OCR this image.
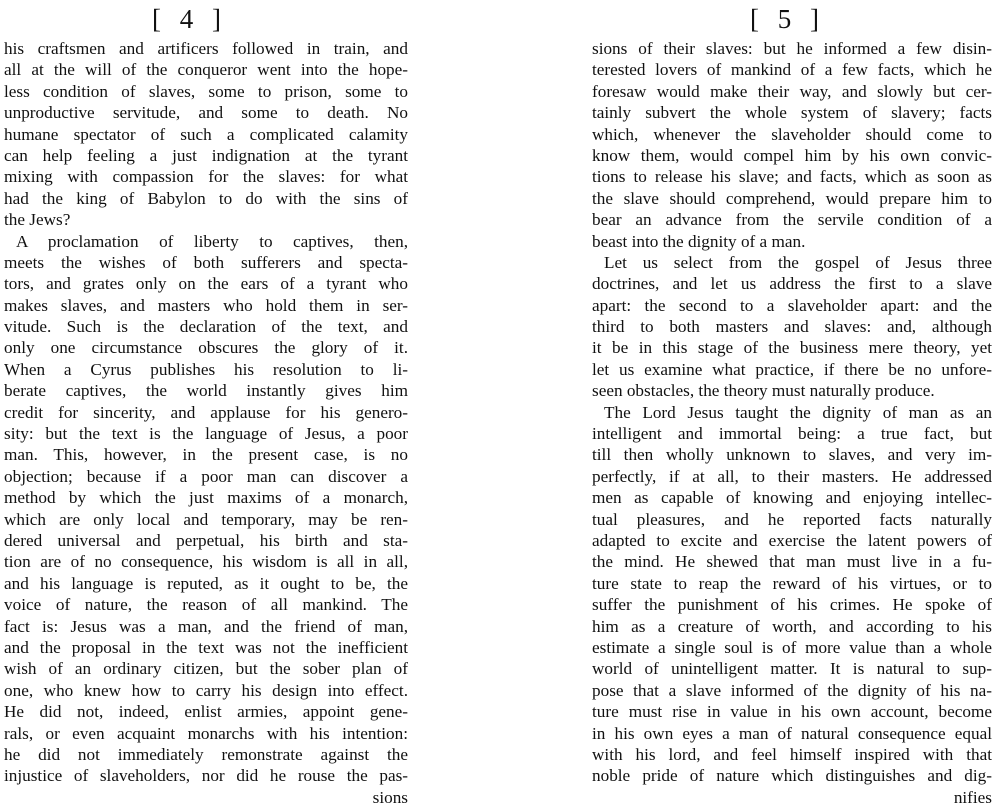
[ 4 ]
his craftsmen and artificers followed in train, and
all at the will of the conqueror went into the hope-
less condition of slaves, some to prison, some to
unproductive servitude, and some to death. No
humane spectator of such a complicated calamity
can help feeling a just indignation at the tyrant
mixing with compassion for the slaves: for what
had the king of Babylon to do with the sins of
the Jews?
A proclamation of liberty to captives, then,
meets the wishes of both sufferers and specta-
tors, and grates only on the ears of a tyrant who
makes slaves, and masters who hold them in ser-
vitude. Such is the declaration of the text, and
only one circumstance obscures the glory of it.
When a Cyrus publishes his resolution to li-
berate captives, the world instantly gives him
credit for sincerity, and applause for his genero-
sity: but the text is the language of Jesus, a poor
man. This, however, in the present case, is no
objection; because if a poor man can discover a
method by which the just maxims of a monarch,
which are only local and temporary, may be ren-
dered universal and perpetual, his birth and sta-
tion are of no consequence, his wisdom is all in all,
and his language is reputed, as it ought to be, the
voice of nature, the reason of all mankind. The
fact is: Jesus was a man, and the friend of man,
and the proposal in the text was not the inefficient
wish of an ordinary citizen, but the sober plan of
one, who knew how to carry his design into effect.
He did not, indeed, enlist armies, appoint gene-
rals, or even acquaint monarchs with his intention:
he did not immediately remonstrate against the
injustice of slaveholders, nor did he rouse the pas-
sions
[ 5 ]
sions of their slaves: but he informed a few disin-
terested lovers of mankind of a few facts, which he
foresaw would make their way, and slowly but cer-
tainly subvert the whole system of slavery; facts
which, whenever the slaveholder should come to
know them, would compel him by his own convic-
tions to release his slave; and facts, which as soon as
the slave should comprehend, would prepare him to
bear an advance from the servile condition of a
beast into the dignity of a man.
Let us select from the gospel of Jesus three
doctrines, and let us address the first to a slave
apart: the second to a slaveholder apart: and the
third to both masters and slaves: and, although
it be in this stage of the business mere theory, yet
let us examine what practice, if there be no unfore-
seen obstacles, the theory must naturally produce.
The Lord Jesus taught the dignity of man as an
intelligent and immortal being: a true fact, but
till then wholly unknown to slaves, and very im-
perfectly, if at all, to their masters. He addressed
men as capable of knowing and enjoying intellec-
tual pleasures, and he reported facts naturally
adapted to excite and exercise the latent powers of
the mind. He shewed that man must live in a fu-
ture state to reap the reward of his virtues, or to
suffer the punishment of his crimes. He spoke of
him as a creature of worth, and according to his
estimate a single soul is of more value than a whole
world of unintelligent matter. It is natural to sup-
pose that a slave informed of the dignity of his na-
ture must rise in value in his own account, become
in his own eyes a man of natural consequence equal
with his lord, and feel himself inspired with that
noble pride of nature which distinguishes and dig-
nifies
